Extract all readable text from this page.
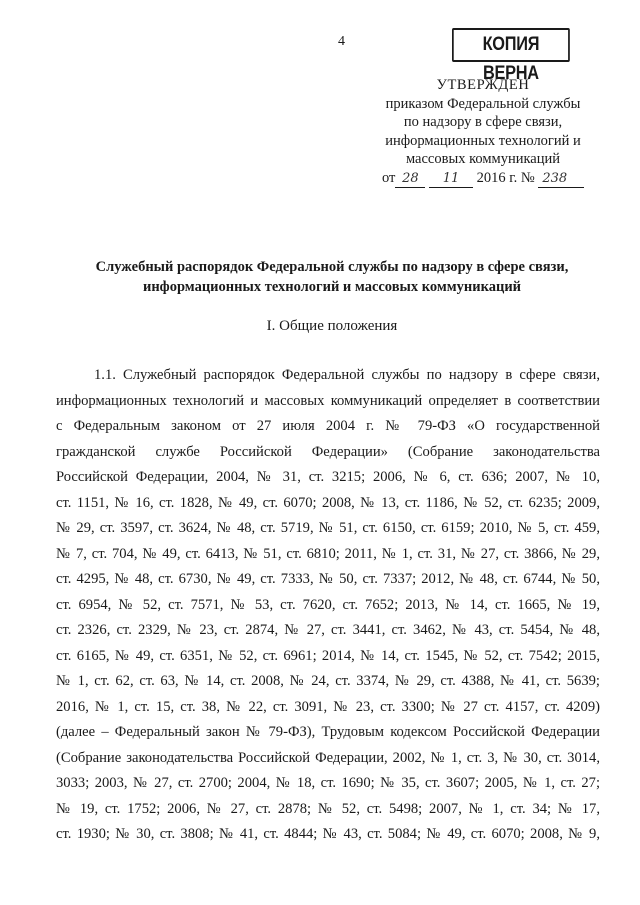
4	КОПИЯ ВЕРНА
УТВЕРЖДЕН
приказом Федеральной службы
по надзору в сфере связи,
информационных технологий и
массовых коммуникаций
от 28 11 2016 г. № 238
Служебный распорядок Федеральной службы по надзору в сфере связи,
информационных технологий и массовых коммуникаций
I. Общие положения
1.1. Служебный распорядок Федеральной службы по надзору в сфере связи,
информационных технологий и массовых коммуникаций определяет в соответствии
с Федеральным законом от 27 июля 2004 г. № 79-ФЗ «О государственной
гражданской службе Российской Федерации» (Собрание законодательства
Российской Федерации, 2004, № 31, ст. 3215; 2006, № 6, ст. 636; 2007, № 10,
ст. 1151, № 16, ст. 1828, № 49, ст. 6070; 2008, № 13, ст. 1186, № 52, ст. 6235; 2009,
№ 29, ст. 3597, ст. 3624, № 48, ст. 5719, № 51, ст. 6150, ст. 6159; 2010, № 5, ст. 459,
№ 7, ст. 704, № 49, ст. 6413, № 51, ст. 6810; 2011, № 1, ст. 31, № 27, ст. 3866, № 29,
ст. 4295, № 48, ст. 6730, № 49, ст. 7333, № 50, ст. 7337; 2012, № 48, ст. 6744, № 50,
ст. 6954, № 52, ст. 7571, № 53, ст. 7620, ст. 7652; 2013, № 14, ст. 1665, № 19,
ст. 2326, ст. 2329, № 23, ст. 2874, № 27, ст. 3441, ст. 3462, № 43, ст. 5454, № 48,
ст. 6165, № 49, ст. 6351, № 52, ст. 6961; 2014, № 14, ст. 1545, № 52, ст. 7542; 2015,
№ 1, ст. 62, ст. 63, № 14, ст. 2008, № 24, ст. 3374, № 29, ст. 4388, № 41, ст. 5639;
2016, № 1, ст. 15, ст. 38, № 22, ст. 3091, № 23, ст. 3300; № 27 ст. 4157, ст. 4209)
(далее – Федеральный закон № 79-ФЗ), Трудовым кодексом Российской Федерации
(Собрание законодательства Российской Федерации, 2002, № 1, ст. 3, № 30, ст. 3014,
3033; 2003, № 27, ст. 2700; 2004, № 18, ст. 1690; № 35, ст. 3607; 2005, № 1, ст. 27;
№ 19, ст. 1752; 2006, № 27, ст. 2878; № 52, ст. 5498; 2007, № 1, ст. 34; № 17,
ст. 1930; № 30, ст. 3808; № 41, ст. 4844; № 43, ст. 5084; № 49, ст. 6070; 2008, № 9,
